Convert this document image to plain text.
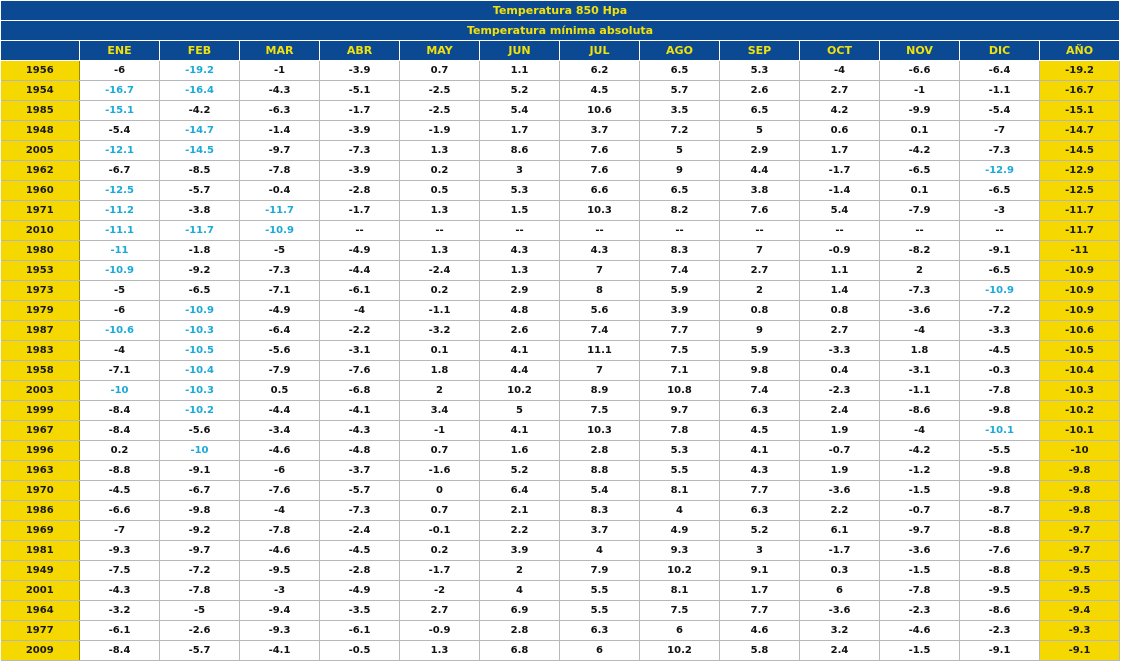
Temperatura 850 Hpa													
Temperatura mínima absoluta													
	ENE	FEB	MAR	ABR	MAY	JUN	JUL	AGO	SEP	OCT	NOV	DIC	AÑO
1956	-6	-19.2	-1	-3.9	0.7	1.1	6.2	6.5	5.3	-4	-6.6	-6.4	-19.2
1954	-16.7	-16.4	-4.3	-5.1	-2.5	5.2	4.5	5.7	2.6	2.7	-1	-1.1	-16.7
1985	-15.1	-4.2	-6.3	-1.7	-2.5	5.4	10.6	3.5	6.5	4.2	-9.9	-5.4	-15.1
1948	-5.4	-14.7	-1.4	-3.9	-1.9	1.7	3.7	7.2	5	0.6	0.1	-7	-14.7
2005	-12.1	-14.5	-9.7	-7.3	1.3	8.6	7.6	5	2.9	1.7	-4.2	-7.3	-14.5
1962	-6.7	-8.5	-7.8	-3.9	0.2	3	7.6	9	4.4	-1.7	-6.5	-12.9	-12.9
1960	-12.5	-5.7	-0.4	-2.8	0.5	5.3	6.6	6.5	3.8	-1.4	0.1	-6.5	-12.5
1971	-11.2	-3.8	-11.7	-1.7	1.3	1.5	10.3	8.2	7.6	5.4	-7.9	-3	-11.7
2010	-11.1	-11.7	-10.9	--	--	--	--	--	--	--	--	--	-11.7
1980	-11	-1.8	-5	-4.9	1.3	4.3	4.3	8.3	7	-0.9	-8.2	-9.1	-11
1953	-10.9	-9.2	-7.3	-4.4	-2.4	1.3	7	7.4	2.7	1.1	2	-6.5	-10.9
1973	-5	-6.5	-7.1	-6.1	0.2	2.9	8	5.9	2	1.4	-7.3	-10.9	-10.9
1979	-6	-10.9	-4.9	-4	-1.1	4.8	5.6	3.9	0.8	0.8	-3.6	-7.2	-10.9
1987	-10.6	-10.3	-6.4	-2.2	-3.2	2.6	7.4	7.7	9	2.7	-4	-3.3	-10.6
1983	-4	-10.5	-5.6	-3.1	0.1	4.1	11.1	7.5	5.9	-3.3	1.8	-4.5	-10.5
1958	-7.1	-10.4	-7.9	-7.6	1.8	4.4	7	7.1	9.8	0.4	-3.1	-0.3	-10.4
2003	-10	-10.3	0.5	-6.8	2	10.2	8.9	10.8	7.4	-2.3	-1.1	-7.8	-10.3
1999	-8.4	-10.2	-4.4	-4.1	3.4	5	7.5	9.7	6.3	2.4	-8.6	-9.8	-10.2
1967	-8.4	-5.6	-3.4	-4.3	-1	4.1	10.3	7.8	4.5	1.9	-4	-10.1	-10.1
1996	0.2	-10	-4.6	-4.8	0.7	1.6	2.8	5.3	4.1	-0.7	-4.2	-5.5	-10
1963	-8.8	-9.1	-6	-3.7	-1.6	5.2	8.8	5.5	4.3	1.9	-1.2	-9.8	-9.8
1970	-4.5	-6.7	-7.6	-5.7	0	6.4	5.4	8.1	7.7	-3.6	-1.5	-9.8	-9.8
1986	-6.6	-9.8	-4	-7.3	0.7	2.1	8.3	4	6.3	2.2	-0.7	-8.7	-9.8
1969	-7	-9.2	-7.8	-2.4	-0.1	2.2	3.7	4.9	5.2	6.1	-9.7	-8.8	-9.7
1981	-9.3	-9.7	-4.6	-4.5	0.2	3.9	4	9.3	3	-1.7	-3.6	-7.6	-9.7
1949	-7.5	-7.2	-9.5	-2.8	-1.7	2	7.9	10.2	9.1	0.3	-1.5	-8.8	-9.5
2001	-4.3	-7.8	-3	-4.9	-2	4	5.5	8.1	1.7	6	-7.8	-9.5	-9.5
1964	-3.2	-5	-9.4	-3.5	2.7	6.9	5.5	7.5	7.7	-3.6	-2.3	-8.6	-9.4
1977	-6.1	-2.6	-9.3	-6.1	-0.9	2.8	6.3	6	4.6	3.2	-4.6	-2.3	-9.3
2009	-8.4	-5.7	-4.1	-0.5	1.3	6.8	6	10.2	5.8	2.4	-1.5	-9.1	-9.1
